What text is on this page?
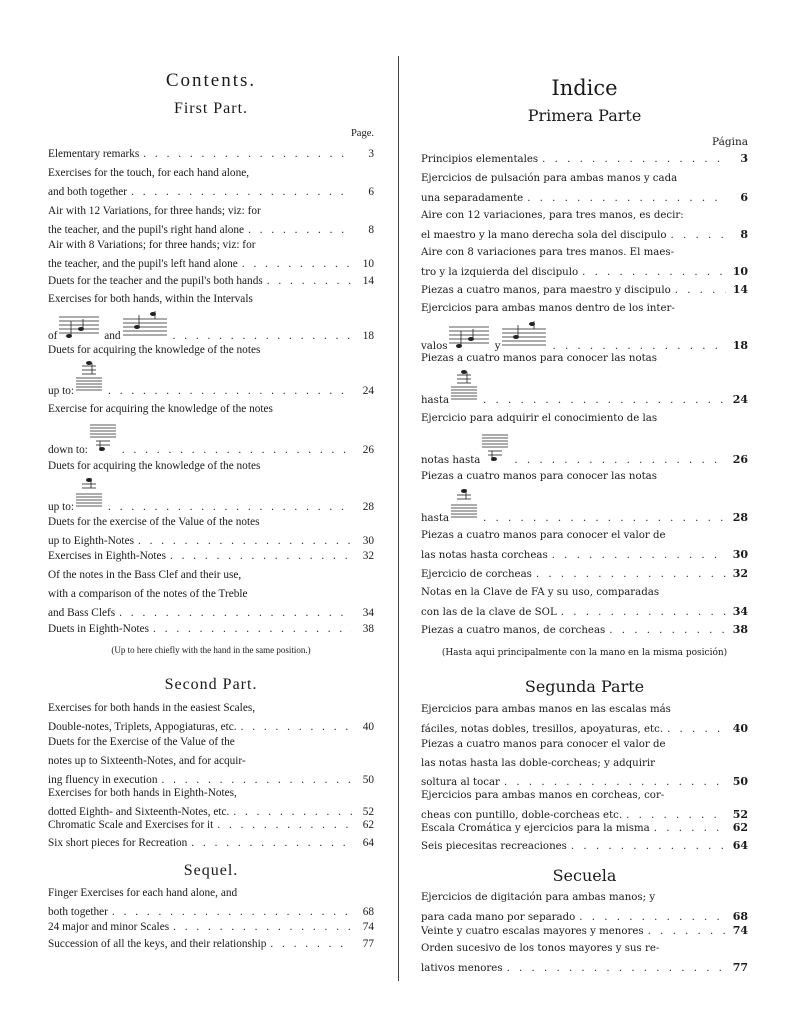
Contents.
First Part.
Page.
Elementary remarks . . .	3
Exercises for the touch, for each hand alone,
and both together . . .	6
Air with 12 Variations, for three hands; viz: for
the teacher, and the pupil's right hand alone . . .	8
Air with 8 Variations; for three hands; viz: for
the teacher, and the pupil's left hand alone . . .	10
Duets for the teacher and the pupil's both hands . . .	14
Exercises for both hands, within the Intervals
of
	and . . .	18
Duets for acquiring the knowledge of the notes
up to: . . .	24
Exercise for acquiring the knowledge of the notes
down to: . . .	26
Duets for acquiring the knowledge of the notes
up to: . . .	28
Duets for the exercise of the Value of the notes
up to Eighth-Notes . . .	30
Exercises in Eighth-Notes . . .	32
Of the notes in the Bass Clef and their use,
with a comparison of the notes of the Treble
and Bass Clefs . . .	34
Duets in Eighth-Notes . . .	38
(Up to here chiefly with the hand in the same position.)
Second Part.
Exercises for both hands in the easiest Scales,
Double-notes, Triplets, Appogiaturas, etc. . . .	40
Duets for the Exercise of the Value of the
notes up to Sixteenth-Notes, and for acquir-
ing fluency in execution . . .	50
Exercises for both hands in Eighth-Notes,
dotted Eighth- and Sixteenth-Notes, etc. . . .	52
Chromatic Scale and Exercises for it . . .	62
Six short pieces for Recreation . . .	64
Sequel.
Finger Exercises for each hand alone, and
both together . . .	68
24 major and minor Scales . . .	74
Succession of all the keys, and their relationship . . .	77
Indice
Primera Parte
Página
Principios elementales . . .	3
Ejercicios de pulsación para ambas manos y cada
una separadamente . . .	6
Aire con 12 variaciones, para tres manos, es decir:
el maestro y la mano derecha sola del discipulo . . .	8
Aire con 8 variaciones para tres manos. El maes-
tro y la izquierda del discipulo . . .	10
Piezas a cuatro manos, para maestro y discipulo . . .	14
Ejercicios para ambas manos dentro de los inter-
valos
	y . . .	18
Piezas a cuatro manos para conocer las notas
hasta . . .	24
Ejercicio para adquirir el conocimiento de las
notas hasta . . .	26
Piezas a cuatro manos para conocer las notas
hasta . . .	28
Piezas a cuatro manos para conocer el valor de
las notas hasta corcheas . . .	30
Ejercicio de corcheas . . .	32
Notas en la Clave de FA y su uso, comparadas
con las de la clave de SOL . . .	34
Piezas a cuatro manos, de corcheas . . .	38
(Hasta aqui principalmente con la mano en la misma posición)
Segunda Parte
Ejercicios para ambas manos en las escalas más
fáciles, notas dobles, tresillos, apoyaturas, etc. . . .	40
Piezas a cuatro manos para conocer el valor de
las notas hasta las doble-corcheas; y adquirir
soltura al tocar . . .	50
Ejercicios para ambas manos en corcheas, cor-
cheas con puntillo, doble-corcheas etc. . . .	52
Escala Cromática y ejercicios para la misma . . .	62
Seis piecesitas recreaciones . . .	64
Secuela
Ejercicios de digitación para ambas manos; y
para cada mano por separado . . .	68
Veinte y cuatro escalas mayores y menores . . .	74
Orden sucesivo de los tonos mayores y sus re-
lativos menores . . .	77
